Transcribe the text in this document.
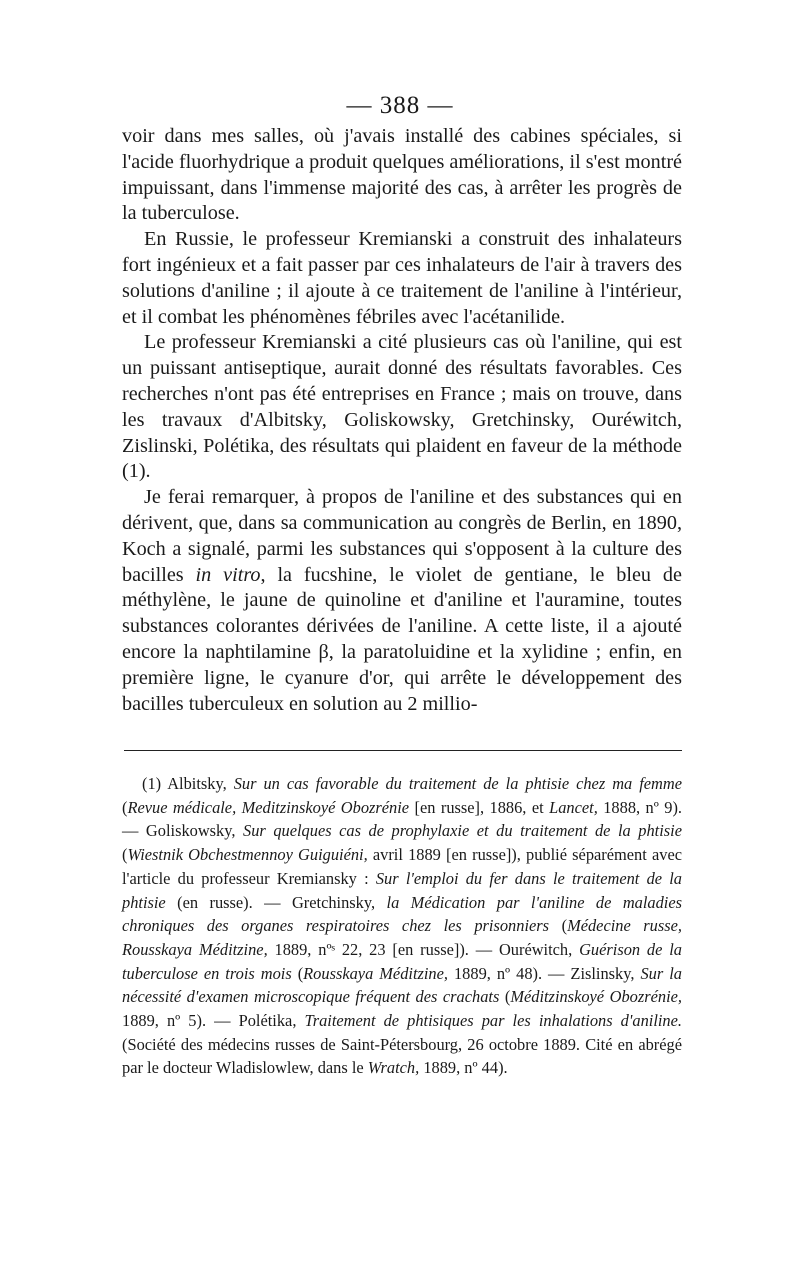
— 388 —

voir dans mes salles, où j'avais installé des cabines spéciales, si l'acide fluorhydrique a produit quelques améliorations, il s'est montré impuissant, dans l'immense majorité des cas, à arrêter les progrès de la tuberculose.

En Russie, le professeur Kremianski a construit des inhalateurs fort ingénieux et a fait passer par ces inhalateurs de l'air à travers des solutions d'aniline ; il ajoute à ce traitement de l'aniline à l'intérieur, et il combat les phénomènes fébriles avec l'acétanilide.

Le professeur Kremianski a cité plusieurs cas où l'aniline, qui est un puissant antiseptique, aurait donné des résultats favorables. Ces recherches n'ont pas été entreprises en France ; mais on trouve, dans les travaux d'Albitsky, Goliskowsky, Gretchinsky, Ouréwitch, Zislinski, Polétika, des résultats qui plaident en faveur de la méthode (1).

Je ferai remarquer, à propos de l'aniline et des substances qui en dérivent, que, dans sa communication au congrès de Berlin, en 1890, Koch a signalé, parmi les substances qui s'opposent à la culture des bacilles in vitro, la fucshine, le violet de gentiane, le bleu de méthylène, le jaune de quinoline et d'aniline et l'auramine, toutes substances colorantes dérivées de l'aniline. A cette liste, il a ajouté encore la naphtilamine β, la paratoluidine et la xylidine ; enfin, en première ligne, le cyanure d'or, qui arrête le développement des bacilles tuberculeux en solution au 2 millio-

(1) Albitsky, Sur un cas favorable du traitement de la phtisie chez ma femme (Revue médicale, Meditzinskoyé Obozrénie [en russe], 1886, et Lancet, 1888, nº 9).— Goliskowsky, Sur quelques cas de prophylaxie et du traitement de la phtisie (Wiestnik Obchestmennoy Guiguiéni, avril 1889 [en russe]), publié séparément avec l'article du professeur Kremiansky : Sur l'emploi du fer dans le traitement de la phtisie (en russe). — Gretchinsky, la Médication par l'aniline de maladies chroniques des organes respiratoires chez les prisonniers (Médecine russe, Rousskaya Méditzine, 1889, nºˢ 22, 23 [en russe]). — Ouréwitch, Guérison de la tuberculose en trois mois (Rousskaya Méditzine, 1889, nº 48). — Zislinsky, Sur la nécessité d'examen microscopique fréquent des crachats (Méditzinskoyé Obozrénie, 1889, nº 5). — Polétika, Traitement de phtisiques par les inhalations d'aniline. (Société des médecins russes de Saint-Pétersbourg, 26 octobre 1889. Cité en abrégé par le docteur Wladislowlew, dans le Wratch, 1889, nº 44).
